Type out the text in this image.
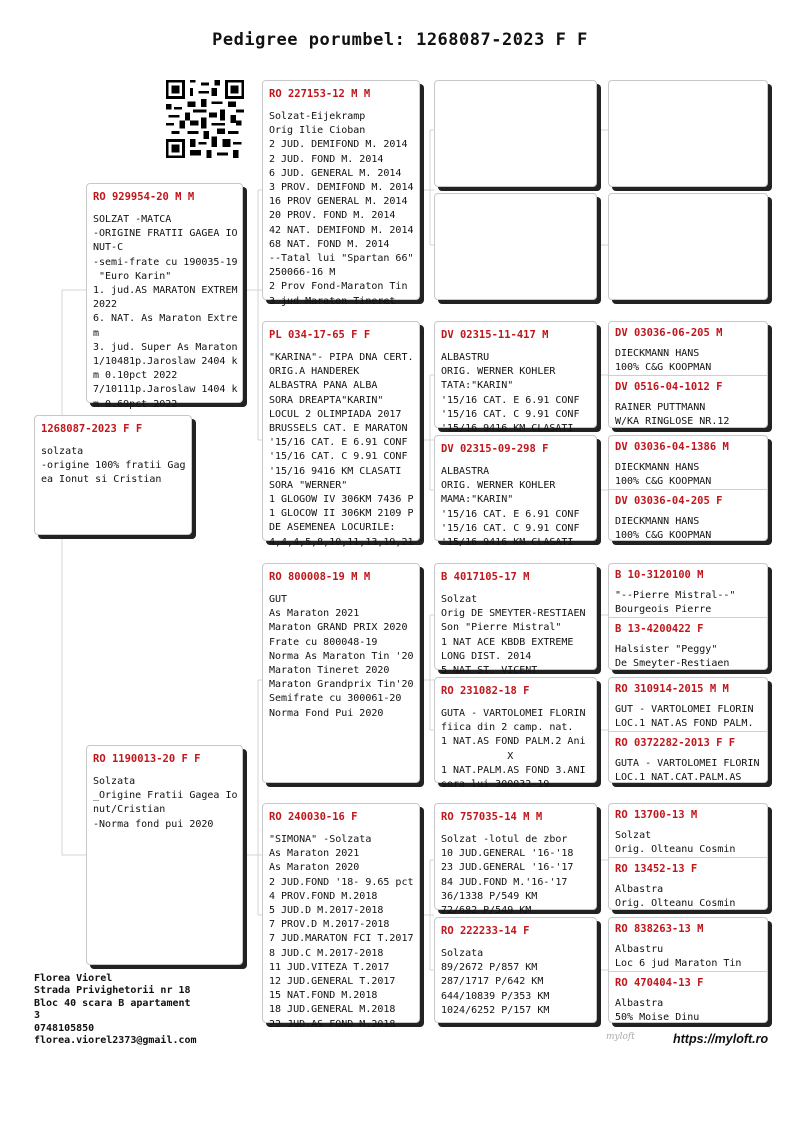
Pedigree porumbel: 1268087-2023 F F
1268087-2023 F F
solzata
-origine 100% fratii Gag
ea Ionut si Cristian
RO 929954-20 M M
SOLZAT -MATCA
-ORIGINE FRATII GAGEA IO
NUT-C
-semi-frate cu 190035-19
"Euro Karin"
1. jud.AS MARATON EXTREM
2022
6. NAT. As Maraton Extre
m
3. jud. Super As Maraton
1/10481p.Jaroslaw 2404 k
m 0.10pct 2022
7/10111p.Jaroslaw 1404 k
m 0.69pct 2022
RO 1190013-20 F F
Solzata
_Origine Fratii Gagea Io
nut/Cristian
-Norma fond pui 2020
RO 227153-12 M M
Solzat-Eijekramp
Orig Ilie Cioban
2 JUD. DEMIFOND M. 2014
2 JUD. FOND M. 2014
6 JUD. GENERAL M. 2014
3 PROV. DEMIFOND M. 2014
16 PROV GENERAL M. 2014
20 PROV. FOND M. 2014
42 NAT. DEMIFOND M. 2014
68 NAT. FOND M. 2014
--Tatal lui "Spartan 66"
250066-16 M
2 Prov Fond-Maraton Tin
3 jud Maraton Tineret
PL 034-17-65 F F
"KARINA"- PIPA DNA CERT.
ORIG.A HANDEREK
ALBASTRA PANA ALBA
SORA DREAPTA"KARIN"
LOCUL 2 OLIMPIADA 2017
BRUSSELS CAT. E MARATON
'15/16 CAT. E 6.91 CONF
'15/16 CAT. C 9.91 CONF
'15/16 9416 KM CLASATI
SORA "WERNER"
1 GLOGOW IV 306KM 7436 P
1 GLOCOW II 306KM 2109 P
DE ASEMENEA LOCURILE:
4,4,4,5,8,10,11,13,19,21
RO 800008-19 M M
GUT
As Maraton 2021
Maraton GRAND PRIX 2020
Frate cu 800048-19
Norma As Maraton Tin '20
Maraton Tineret 2020
Maraton Grandprix Tin'20
Semifrate cu 300061-20
Norma Fond Pui 2020
RO 240030-16 F
"SIMONA" -Solzata
As Maraton 2021
As Maraton 2020
2 JUD.FOND '18- 9.65 pct
4 PROV.FOND M.2018
5 JUD.D M.2017-2018
7 PROV.D M.2017-2018
7 JUD.MARATON FCI T.2017
8 JUD.C M.2017-2018
11 JUD.VITEZA T.2017
12 JUD.GENERAL T.2017
15 NAT.FOND M.2018
18 JUD.GENERAL M.2018
22 JUD.AS FOND M.2018
DV 02315-11-417 M
ALBASTRU
ORIG. WERNER KOHLER
TATA:"KARIN"
'15/16 CAT. E 6.91 CONF
'15/16 CAT. C 9.91 CONF
'15/16 9416 KM CLASATI
DV 02315-09-298 F
ALBASTRA
ORIG. WERNER KOHLER
MAMA:"KARIN"
'15/16 CAT. E 6.91 CONF
'15/16 CAT. C 9.91 CONF
'15/16 9416 KM CLASATI
B 4017105-17 M
Solzat
Orig DE SMEYTER-RESTIAEN
Son "Pierre Mistral"
1 NAT ACE KBDB EXTREME
LONG DIST. 2014
5 NAT ST. VICENT
RO 231082-18 F
GUTA - VARTOLOMEI FLORIN
fiica din 2 camp. nat.
1 NAT.AS FOND PALM.2 Ani
X
1 NAT.PALM.AS FOND 3.ANI
sora lui 300032-19
RO 757035-14 M M
Solzat -lotul de zbor
10 JUD.GENERAL '16-'18
23 JUD.GENERAL '16-'17
84 JUD.FOND M.'16-'17
36/1338 P/549 KM
72/682 P/549 KM
RO 222233-14 F
Solzata
89/2672 P/857 KM
287/1717 P/642 KM
644/10839 P/353 KM
1024/6252 P/157 KM
DV 03036-06-205 M
DIECKMANN HANS
100% C&G KOOPMAN
DV 0516-04-1012 F
RAINER PUTTMANN
W/KA RINGLOSE NR.12
DV 03036-04-1386 M
DIECKMANN HANS
100% C&G KOOPMAN
DV 03036-04-205 F
DIECKMANN HANS
100% C&G KOOPMAN
B 10-3120100 M
"--Pierre Mistral--"
Bourgeois Pierre
B 13-4200422 F
Halsister "Peggy"
De Smeyter-Restiaen
RO 310914-2015 M M
GUT - VARTOLOMEI FLORIN
LOC.1 NAT.AS FOND PALM.
RO 0372282-2013 F F
GUTA - VARTOLOMEI FLORIN
LOC.1 NAT.CAT.PALM.AS
RO 13700-13 M
Solzat
Orig. Olteanu Cosmin
RO 13452-13 F
Albastra
Orig. Olteanu Cosmin
RO 838263-13 M
Albastru
Loc 6 jud Maraton Tin
RO 470404-13 F
Albastra
50% Moise Dinu
Florea Viorel
Strada Privighetorii nr 18
Bloc 40 scara B apartament
3
0748105850
florea.viorel2373@gmail.com	myloft	https://myloft.ro
